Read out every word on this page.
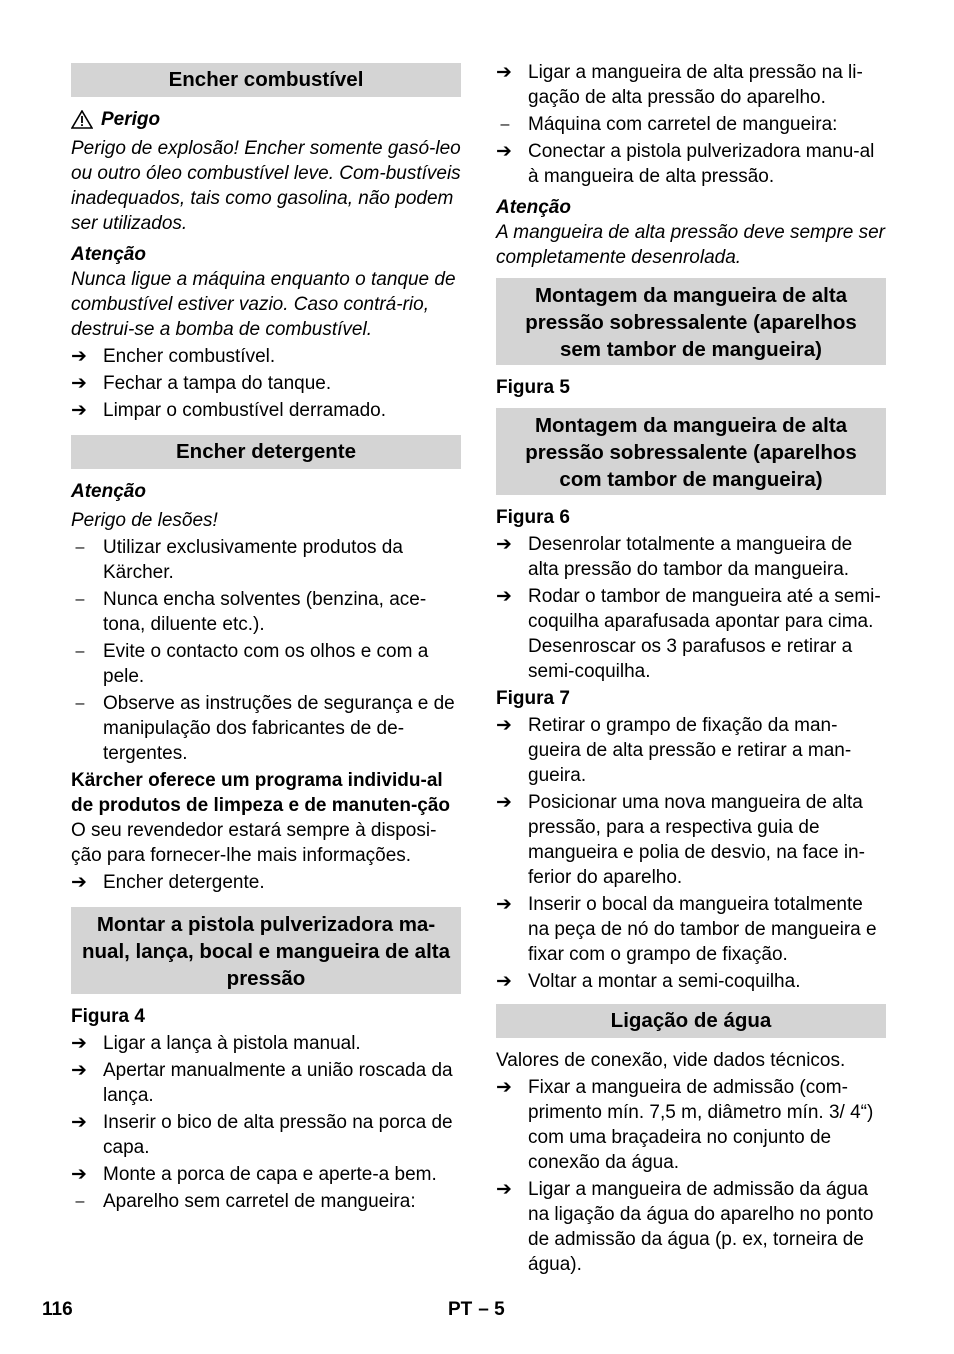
Encher combustível
Perigo
Perigo de explosão! Encher somente gasó-leo ou outro óleo combustível leve. Com-bustíveis inadequados, tais como gasolina, não podem ser utilizados.
Atenção
Nunca ligue a máquina enquanto o tanque de combustível estiver vazio. Caso contrá-rio, destrui-se a bomba de combustível.
➔ Encher combustível.
➔ Fechar a tampa do tanque.
➔ Limpar o combustível derramado.
Encher detergente
Atenção
Perigo de lesões!
– Utilizar exclusivamente produtos da Kärcher.
– Nunca encha solventes (benzina, ace-tona, diluente etc.).
– Evite o contacto com os olhos e com a pele.
– Observe as instruções de segurança e de manipulação dos fabricantes de de-tergentes.
Kärcher oferece um programa individu-al de produtos de limpeza e de manuten-ção
O seu revendedor estará sempre à disposi-ção para fornecer-lhe mais informações.
➔ Encher detergente.
Montar a pistola pulverizadora ma-nual, lança, bocal e mangueira de alta pressão
Figura 4
➔ Ligar a lança à pistola manual.
➔ Apertar manualmente a união roscada da lança.
➔ Inserir o bico de alta pressão na porca de capa.
➔ Monte a porca de capa e aperte-a bem.
– Aparelho sem carretel de mangueira:
➔ Ligar a mangueira de alta pressão na li-gação de alta pressão do aparelho.
– Máquina com carretel de mangueira:
➔ Conectar a pistola pulverizadora manu-al à mangueira de alta pressão.
Atenção
A mangueira de alta pressão deve sempre ser completamente desenrolada.
Montagem da mangueira de alta pressão sobressalente (aparelhos sem tambor de mangueira)
Figura 5
Montagem da mangueira de alta pressão sobressalente (aparelhos com tambor de mangueira)
Figura 6
➔ Desenrolar totalmente a mangueira de alta pressão do tambor da mangueira.
➔ Rodar o tambor de mangueira até a semi-coquilha aparafusada apontar para cima. Desenroscar os 3 parafusos e retirar a semi-coquilha.
Figura 7
➔ Retirar o grampo de fixação da man-gueira de alta pressão e retirar a man-gueira.
➔ Posicionar uma nova mangueira de alta pressão, para a respectiva guia de mangueira e polia de desvio, na face in-ferior do aparelho.
➔ Inserir o bocal da mangueira totalmente na peça de nó do tambor de mangueira e fixar com o grampo de fixação.
➔ Voltar a montar a semi-coquilha.
Ligação de água
Valores de conexão, vide dados técnicos.
➔ Fixar a mangueira de admissão (com-primento mín. 7,5 m, diâmetro mín. 3/ 4“) com uma braçadeira no conjunto de conexão da água.
➔ Ligar a mangueira de admissão da água na ligação da água do aparelho no ponto de admissão da água (p. ex, torneira de água).
116	PT – 5
